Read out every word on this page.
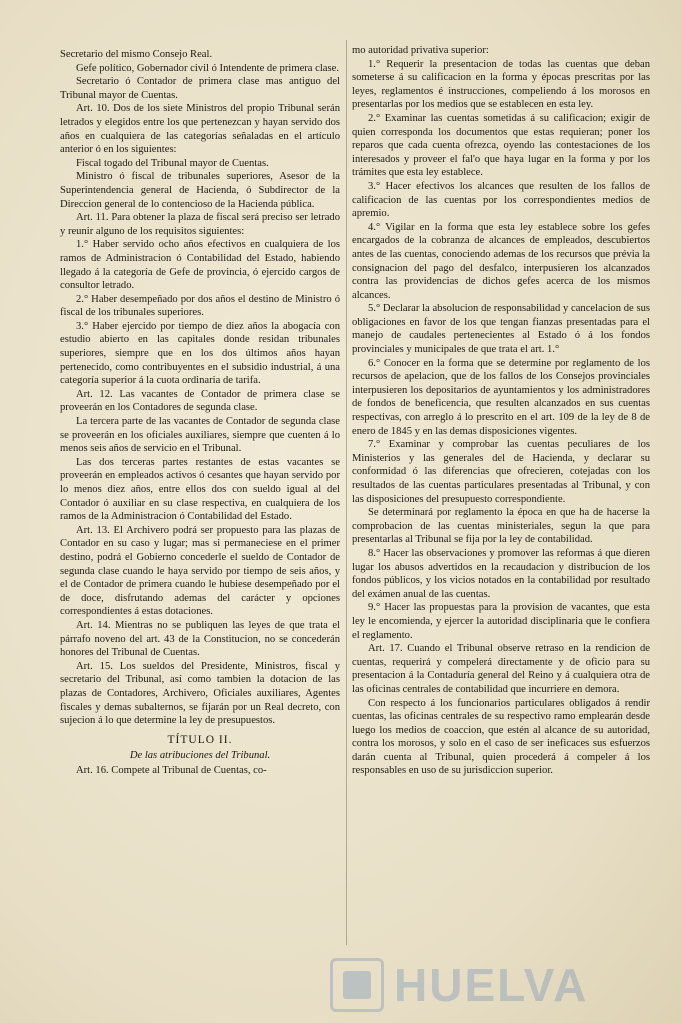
Secretario del mismo Consejo Real.

Gefe político, Gobernador civil ó Intendente de primera clase.

Secretario ó Contador de primera clase mas antiguo del Tribunal mayor de Cuentas.

Art. 10. Dos de los siete Ministros del propio Tribunal serán letrados y elegidos entre los que pertenezcan y hayan servido dos años en cualquiera de las categorías señaladas en el artículo anterior ó en los siguientes:

Fiscal togado del Tribunal mayor de Cuentas.

Ministro ó fiscal de tribunales superiores, Asesor de la Superintendencia general de Hacienda, ó Subdirector de la Direccion general de lo contencioso de la Hacienda pública.

Art. 11. Para obtener la plaza de fiscal será preciso ser letrado y reunir alguno de los requisitos siguientes:

1.° Haber servido ocho años efectivos en cualquiera de los ramos de Administracion ó Contabilidad del Estado, habiendo llegado á la categoría de Gefe de provincia, ó ejercido cargos de consultor letrado.

2.° Haber desempeñado por dos años el destino de Ministro ó fiscal de los tribunales superiores.

3.° Haber ejercido por tiempo de diez años la abogacía con estudio abierto en las capitales donde residan tribunales superiores, siempre que en los dos últimos años hayan pertenecido, como contribuyentes en el subsidio industrial, á una categoría superior á la cuota ordinaria de tarifa.

Art. 12. Las vacantes de Contador de primera clase se proveerán en los Contadores de segunda clase.

La tercera parte de las vacantes de Contador de segunda clase se proveerán en los oficiales auxiliares, siempre que cuenten á lo menos seis años de servicio en el Tribunal.

Las dos terceras partes restantes de estas vacantes se proveerán en empleados activos ó cesantes que hayan servido por lo menos diez años, entre ellos dos con sueldo igual al del Contador ó auxiliar en su clase respectiva, en cualquiera de los ramos de la Administracion ó Contabilidad del Estado.

Art. 13. El Archivero podrá ser propuesto para las plazas de Contador en su caso y lugar; mas si permaneciese en el primer destino, podrá el Gobierno concederle el sueldo de Contador de segunda clase cuando le haya servido por tiempo de seis años, y el de Contador de primera cuando le hubiese desempeñado por el de doce, disfrutando ademas del carácter y opciones correspondientes á estas dotaciones.

Art. 14. Mientras no se publiquen las leyes de que trata el párrafo noveno del art. 43 de la Constitucion, no se concederán honores del Tribunal de Cuentas.

Art. 15. Los sueldos del Presidente, Ministros, fiscal y secretario del Tribunal, así como tambien la dotacion de las plazas de Contadores, Archivero, Oficiales auxiliares, Agentes fiscales y demas subalternos, se fijarán por un Real decreto, con sujecion á lo que determine la ley de presupuestos.

TÍTULO II.
De las atribuciones del Tribunal.

Art. 16. Compete al Tribunal de Cuentas, co-

mo autoridad privativa superior:

1.° Requerir la presentacion de todas las cuentas que deban someterse á su calificacion en la forma y épocas prescritas por las leyes, reglamentos é instrucciones, compeliendo á los morosos en presentarlas por los medios que se establecen en esta ley.

2.° Examinar las cuentas sometidas á su calificacion; exigir de quien corresponda los documentos que estas requieran; poner los reparos que cada cuenta ofrezca, oyendo las contestaciones de los interesados y proveer el fal'o que haya lugar en la forma y por los trámites que esta ley establece.

3.° Hacer efectivos los alcances que resulten de los fallos de calificacion de las cuentas por los correspondientes medios de apremio.

4.° Vigilar en la forma que esta ley establece sobre los gefes encargados de la cobranza de alcances de empleados, descubiertos antes de las cuentas, conociendo ademas de los recursos que prévia la consignacion del pago del desfalco, interpusieren los alcanzados contra las providencias de dichos gefes acerca de los mismos alcances.

5.° Declarar la absolucion de responsabilidad y cancelacion de sus obligaciones en favor de los que tengan fianzas presentadas para el manejo de caudales pertenecientes al Estado ó á los fondos provinciales y municipales de que trata el art. 1.°

6.° Conocer en la forma que se determine por reglamento de los recursos de apelacion, que de los fallos de los Consejos provinciales interpusieren los depositarios de ayuntamientos y los administradores de fondos de beneficencia, que resulten alcanzados en sus cuentas respectivas, con arreglo á lo prescrito en el art. 109 de la ley de 8 de enero de 1845 y en las demas disposiciones vigentes.

7.° Examinar y comprobar las cuentas peculiares de los Ministerios y las generales del de Hacienda, y declarar su conformidad ó las diferencias que ofrecieren, cotejadas con los resultados de las cuentas particulares presentadas al Tribunal, y con las disposiciones del presupuesto correspondiente.

Se determinará por reglamento la época en que ha de hacerse la comprobacion de las cuentas ministeriales, segun la que para presentarlas al Tribunal se fija por la ley de contabilidad.

8.° Hacer las observaciones y promover las reformas á que dieren lugar los abusos advertidos en la recaudacion y distribucion de los fondos públicos, y los vicios notados en la contabilidad por resultado del exámen anual de las cuentas.

9.° Hacer las propuestas para la provision de vacantes, que esta ley le encomienda, y ejercer la autoridad disciplinaria que le confiera el reglamento.

Art. 17. Cuando el Tribunal observe retraso en la rendicion de cuentas, requerirá y compelerá directamente y de oficio para su presentacion á la Contaduría general del Reino y á cualquiera otra de las oficinas centrales de contabilidad que incurriere en demora.

Con respecto á los funcionarios particulares obligados á rendir cuentas, las oficinas centrales de su respectivo ramo emplearán desde luego los medios de coaccion, que estén al alcance de su autoridad, contra los morosos, y solo en el caso de ser ineficaces sus esfuerzos darán cuenta al Tribunal, quien procederá á compeler á los responsables en uso de su jurisdiccion superior.

HUELVA
